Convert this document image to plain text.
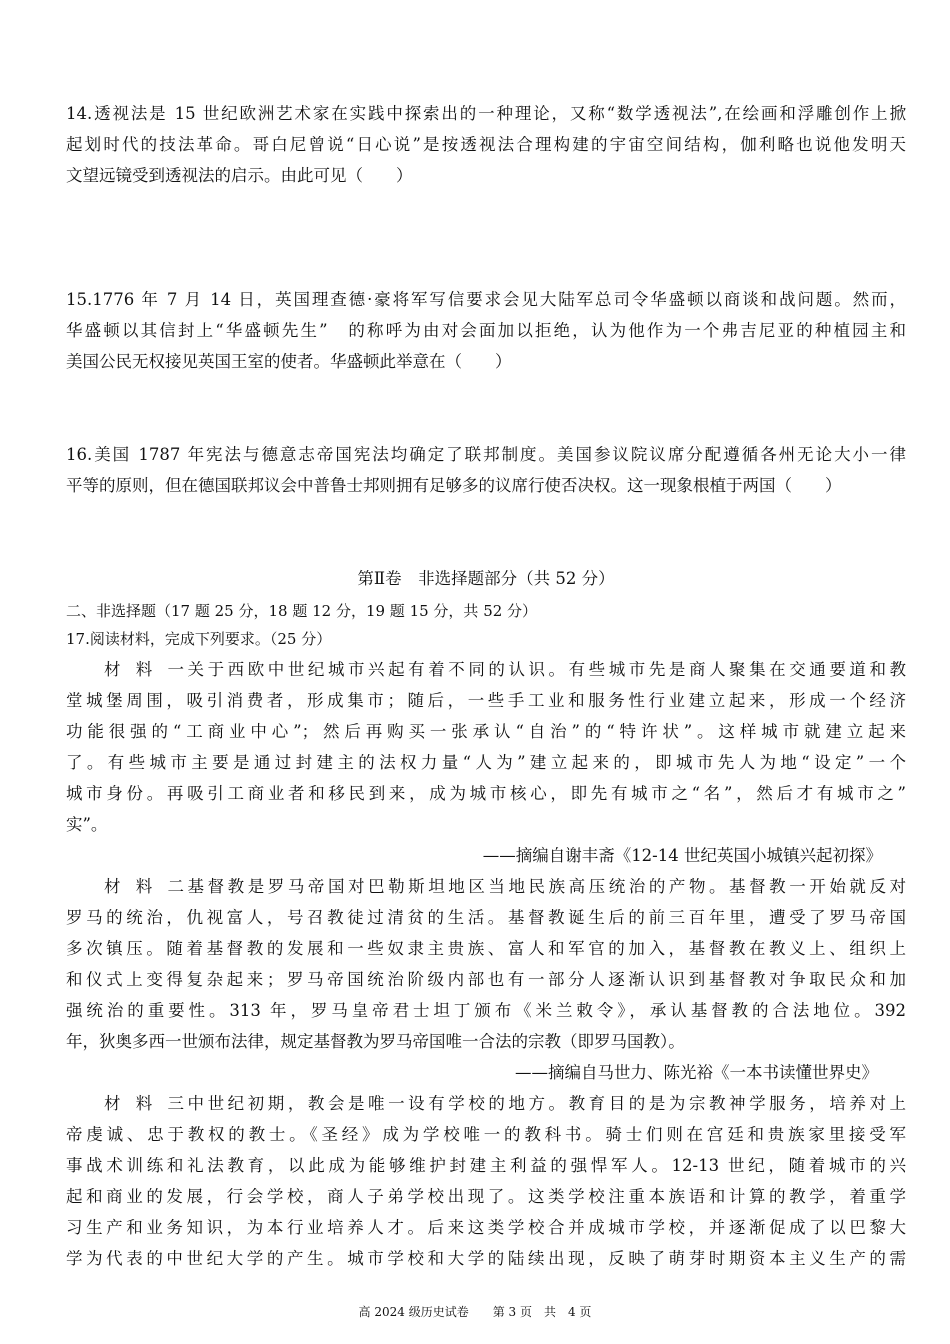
14.透视法是 15 世纪欧洲艺术家在实践中探索出的一种理论，又称“数学透视法”,在绘画和浮雕创作上掀
起划时代的技法革命。哥白尼曾说“日心说”是按透视法合理构建的宇宙空间结构，伽利略也说他发明天
文望远镜受到透视法的启示。由此可见（　　）
15.1776 年 7 月 14 日，英国理查德·豪将军写信要求会见大陆军总司令华盛顿以商谈和战问题。然而，
华盛顿以其信封上“华盛顿先生”　的称呼为由对会面加以拒绝，认为他作为一个弗吉尼亚的种植园主和
美国公民无权接见英国王室的使者。华盛顿此举意在（　　）
16.美国 1787 年宪法与德意志帝国宪法均确定了联邦制度。美国参议院议席分配遵循各州无论大小一律
平等的原则，但在德国联邦议会中普鲁士邦则拥有足够多的议席行使否决权。这一现象根植于两国（　　）
第Ⅱ卷　非选择题部分（共 52 分）
二、非选择题（17 题 25 分，18 题 12 分，19 题 15 分，共 52 分）
17.阅读材料，完成下列要求。（25 分）
材料一关于西欧中世纪城市兴起有着不同的认识。有些城市先是商人聚集在交通要道和教
堂城堡周围，吸引消费者，形成集市；随后，一些手工业和服务性行业建立起来，形成一个经济
功能很强的“工商业中心”；然后再购买一张承认“自治”的“特许状”。这样城市就建立起来
了。有些城市主要是通过封建主的法权力量“人为”建立起来的，即城市先人为地“设定”一个
城市身份。再吸引工商业者和移民到来，成为城市核心，即先有城市之“名”，然后才有城市之”
实”。
——摘编自谢丰斋《12-14 世纪英国小城镇兴起初探》
材料二基督教是罗马帝国对巴勒斯坦地区当地民族高压统治的产物。基督教一开始就反对
罗马的统治，仇视富人，号召教徒过清贫的生活。基督教诞生后的前三百年里，遭受了罗马帝国
多次镇压。随着基督教的发展和一些奴隶主贵族、富人和军官的加入，基督教在教义上、组织上
和仪式上变得复杂起来；罗马帝国统治阶级内部也有一部分人逐渐认识到基督教对争取民众和加
强统治的重要性。313 年，罗马皇帝君士坦丁颁布《米兰敕令》，承认基督教的合法地位。392
年，狄奥多西一世颁布法律，规定基督教为罗马帝国唯一合法的宗教（即罗马国教）。
——摘编自马世力、陈光裕《一本书读懂世界史》
材料三中世纪初期，教会是唯一设有学校的地方。教育目的是为宗教神学服务，培养对上
帝虔诚、忠于教权的教士。《圣经》成为学校唯一的教科书。骑士们则在宫廷和贵族家里接受军
事战术训练和礼法教育，以此成为能够维护封建主利益的强悍军人。12-13 世纪，随着城市的兴
起和商业的发展，行会学校，商人子弟学校出现了。这类学校注重本族语和计算的教学，着重学
习生产和业务知识，为本行业培养人才。后来这类学校合并成城市学校，并逐渐促成了以巴黎大
学为代表的中世纪大学的产生。城市学校和大学的陆续出现，反映了萌芽时期资本主义生产的需
高 2024 级历史试卷　　第 3 页　共　4 页
